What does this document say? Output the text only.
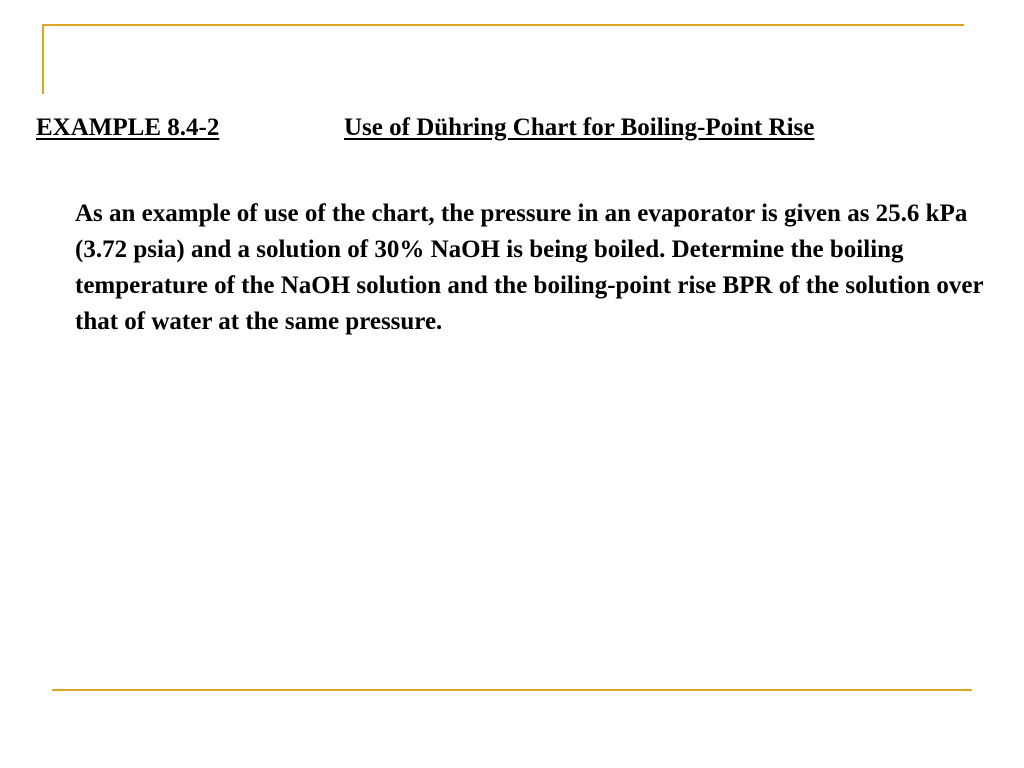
EXAMPLE 8.4-2	Use of Dühring Chart for Boiling-Point Rise

As an example of use of the chart, the pressure in an evaporator is given as 25.6 kPa (3.72 psia) and a solution of 30% NaOH is being boiled. Determine the boiling temperature of the NaOH solution and the boiling-point rise BPR of the solution over that of water at the same pressure.
